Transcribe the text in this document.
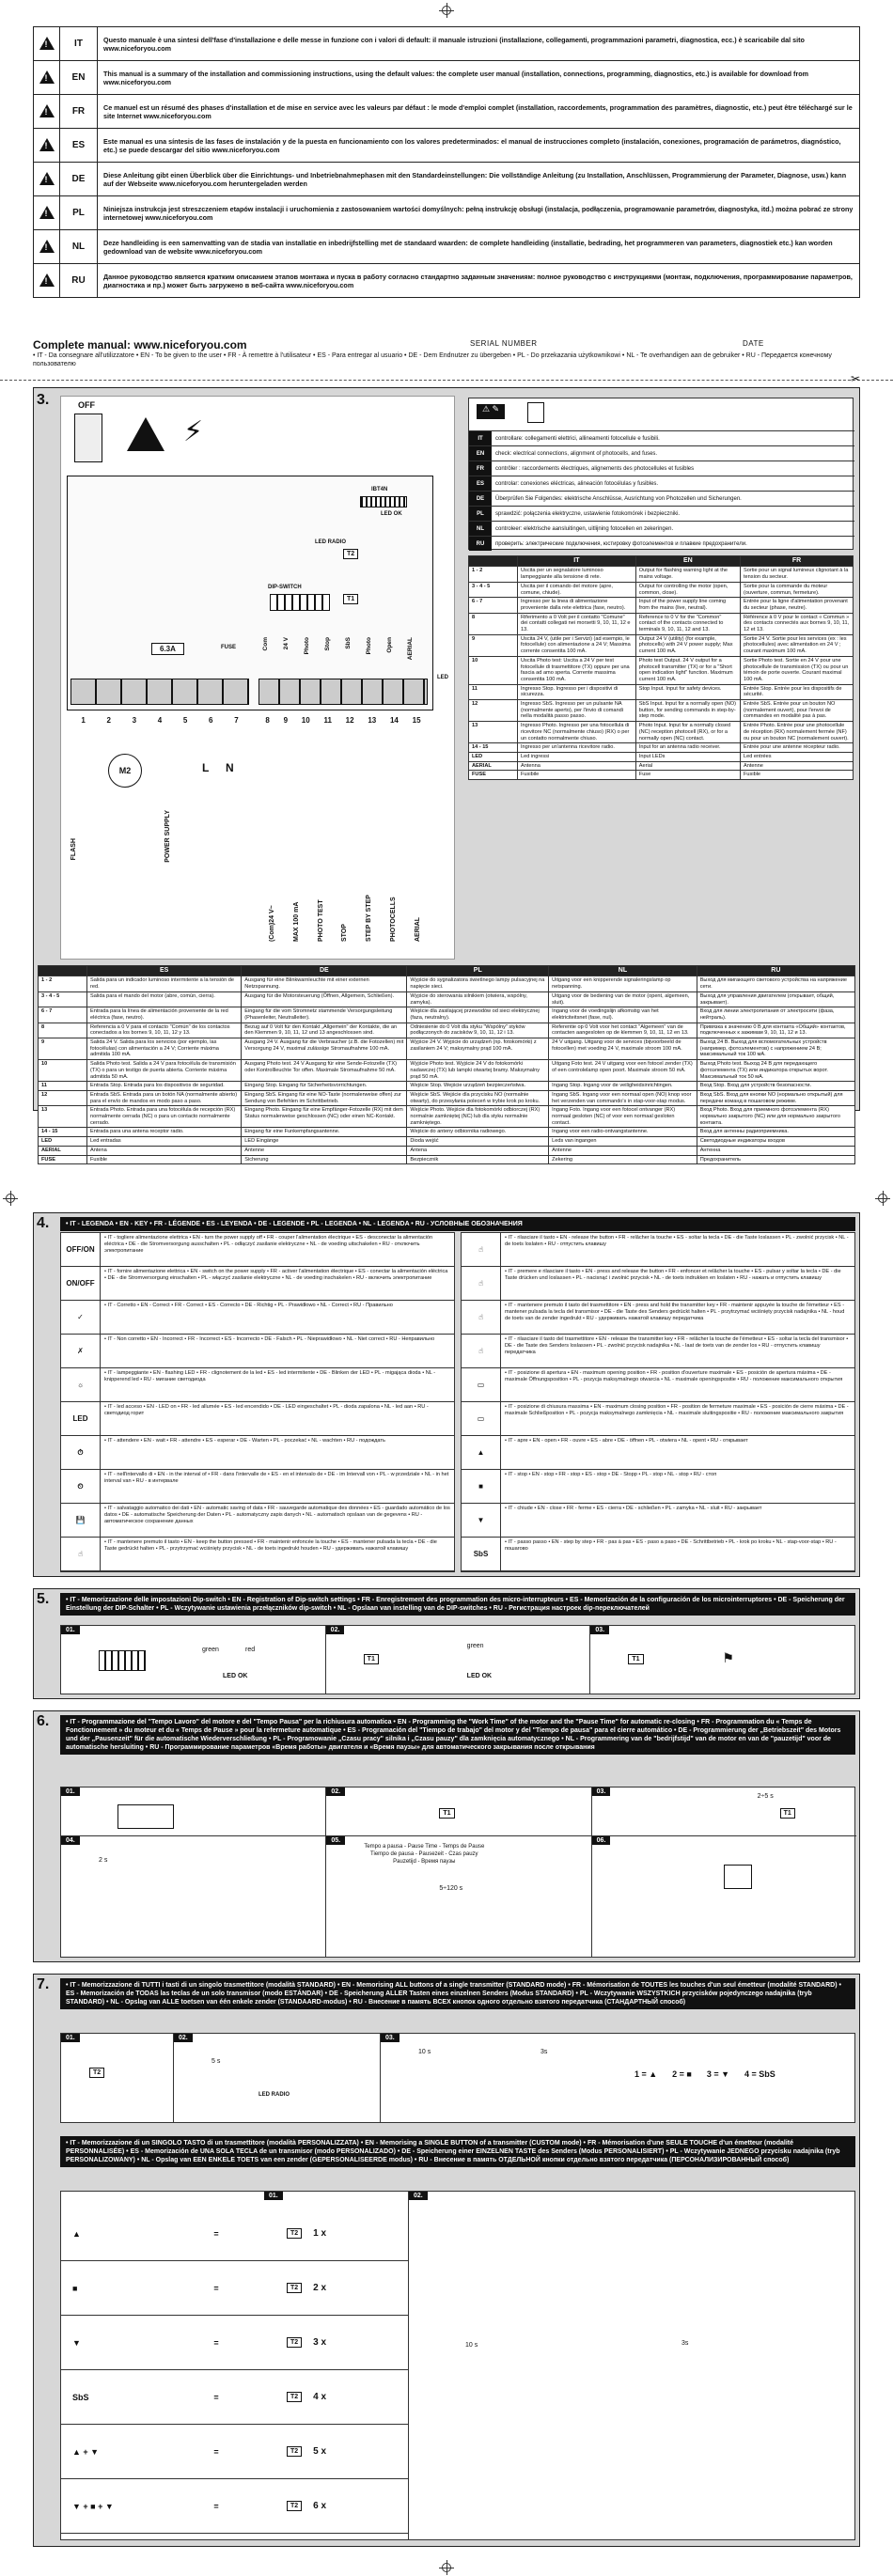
!	IT	Questo manuale è una sintesi dell'fase d'installazione e delle messe in funzione con i valori di default: il manuale istruzioni (installazione, collegamenti, programmazioni parametri, diagnostica, ecc.) è scaricabile dal sito www.niceforyou.com
!	EN	This manual is a summary of the installation and commissioning instructions, using the default values: the complete user manual (installation, connections, programming, diagnostics, etc.) is available for download from www.niceforyou.com
!	FR	Ce manuel est un résumé des phases d'installation et de mise en service avec les valeurs par défaut : le mode d'emploi complet (installation, raccordements, programmation des paramètres, diagnostic, etc.) peut être téléchargé sur le site Internet www.niceforyou.com
!	ES	Este manual es una síntesis de las fases de instalación y de la puesta en funcionamiento con los valores predeterminados: el manual de instrucciones completo (instalación, conexiones, programación de parámetros, diagnóstico, etc.) se puede descargar del sitio www.niceforyou.com
!	DE	Diese Anleitung gibt einen Überblick über die Einrichtungs- und Inbetriebnahmephasen mit den Standardeinstellungen: Die vollständige Anleitung (zu Installation, Anschlüssen, Programmierung der Parameter, Diagnose, usw.) kann auf der Webseite www.niceforyou.com heruntergeladen werden
!	PL	Niniejsza instrukcja jest streszczeniem etapów instalacji i uruchomienia z zastosowaniem wartości domyślnych: pełną instrukcję obsługi (instalacja, podłączenia, programowanie parametrów, diagnostyka, itd.) można pobrać ze strony internetowej www.niceforyou.com
!	NL	Deze handleiding is een samenvatting van de stadia van installatie en inbedrijfstelling met de standaard waarden: de complete handleiding (installatie, bedrading, het programmeren van parameters, diagnostiek etc.) kan worden gedownload van de website www.niceforyou.com
!	RU	Данное руководство является кратким описанием этапов монтажа и пуска в работу согласно стандартно заданным значениям: полное руководство с инструкциями (монтаж, подключения, программирование параметров, диагностика и пр.) может быть загружено в веб-сайта www.niceforyou.com
Complete manual: www.niceforyou.com	SERIAL NUMBER	DATE
• IT - Da consegnare all'utilizzatore • EN - To be given to the user • FR - À remettre à l'utilisateur • ES - Para entregar al usuario • DE - Dem Endnutzer zu übergeben • PL - Do przekazania użytkownikowi • NL - Te overhandigen aan de gebruiker • RU - Передается конечному пользователю
✂
3.	OFF
⚡
IBT4N
LED OK
LED RADIO
T2
DIP-SWITCH
T1
6.3A	FUSE
LED
1	2	3	4	5	6	7	8 9 10 11 12 13 14 15
M2
FLASH	POWER SUPPLY
L N
(Com)24 V~	MAX 100 mA	PHOTO TEST	STOP	STEP BY STEP	PHOTOCELLS	AERIAL
Com 24 V Photo Stop SbS Photo Open AERIAL
⚠ ✎
IT	controllare: collegamenti elettrici, allineamenti fotocellule e fusibili.
EN	check: electrical connections, alignment of photocells, and fuses.
FR	contrôler : raccordements électriques, alignements des photocellules et fusibles
ES	controlar: conexiones eléctricas, alineación fotocélulas y fusibles.
DE	Überprüfen Sie Folgendes: elektrische Anschlüsse, Ausrichtung von Photozellen und Sicherungen.
PL	sprawdzić: połączenia elektryczne, ustawienie fotokomórek i bezpieczniki.
NL	controleer: elektrische aansluitingen, uitlijning fotocellen en zekeringen.
RU	проверить: электрические подключения, юстировку фотоэлементов и плавкие предохранители.
	IT	EN	FR
1 - 2	Uscita per un segnalatore luminoso lampeggiante alla tensione di rete.	Output for flashing warning light at the mains voltage.	Sortie pour un signal lumineux clignotant à la tension du secteur.
3 - 4 - 5	Uscita per il comando del motore (apre, comune, chiude).	Output for controlling the motor (open, common, close).	Sortie pour la commande du moteur (ouverture, commun, fermeture).
6 - 7	Ingresso per la linea di alimentazione proveniente dalla rete elettrica (fase, neutro).	Input of the power supply line coming from the mains (live, neutral).	Entrée pour la ligne d'alimentation provenant du secteur (phase, neutre).
8	Riferimento a 0 Volt per il contatto "Comune" dei contatti collegati nei morsetti 9, 10, 11, 12 e 13.	Reference to 0 V for the "Common" contact of the contacts connected to terminals 9, 10, 11, 12 and 13.	Référence à 0 V pour le contact « Commun » des contacts connectés aux bornes 9, 10, 11, 12 et 13.
9	Uscita 24 V, (utile per i Servizi) (ad esempio, le fotocellule) con alimentazione a 24 V; Massima corrente consentita 100 mA.	Output 24 V (utility) (for example, photocells) with 24 V power supply; Max current 100 mA.	Sortie 24 V. Sortie pour les services (ex : les photocellules) avec alimentation en 24 V ; courant maximum 100 mA.
10	Uscita Photo test: Uscita a 24 V per test fotocellule di trasmettitore (TX) oppure per una fascia ad amo sperta. Corrente massima consentita 100 mA.	Photo test Output. 24 V output for a photocell transmitter (TX) or for a "Short open indication light" function. Maximum current 100 mA.	Sortie Photo test. Sortie en 24 V pour une photocellule de transmission (TX) ou pour un témoin de porte ouverte. Courant maximal 100 mA.
11	Ingresso Stop. Ingresso per i dispositivi di sicurezza.	Stop Input. Input for safety devices.	Entrée Stop. Entrée pour les dispositifs de sécurité.
12	Ingresso SbS. Ingresso per un pulsante NA (normalmente aperto), per l'invio di comandi nella modalità passo passo.	SbS Input. Input for a normally open (NO) button, for sending commands in step-by-step mode.	Entrée SbS. Entrée pour un bouton NO (normalement ouvert), pour l'envoi de commandes en modalité pas à pas.
13	Ingresso Photo. Ingresso per una fotocellula di ricevitore NC (normalmente chiuso) (RX) o per un contatto normalmente chiuso.	Photo Input. Input for a normally closed (NC) reception photocell (RX), or for a normally open (NC) contact.	Entrée Photo. Entrée pour une photocellule de réception (RX) normalement fermée (NF) ou pour un bouton NC (normalement ouvert).
14 - 15	Ingresso per un'antenna ricevitore radio.	Input for an antenna radio receiver.	Entrée pour une antenne récepteur radio.
LED	Led ingressi	Input LEDs	Led entrées
AERIAL	Antenna	Aerial	Antenne
FUSE	Fusibile	Fuse	Fusible
	ES	DE	PL	NL	RU
1 - 2	Salida para un indicador luminoso intermitente a la tensión de red.	Ausgang für eine Blinkwarnleuchte mit einer externen Netzspannung.	Wyjście do sygnalizatora świetlnego lampy pulsacyjnej na napięcie sieci.	Uitgang voor een knipperende signaleringslamp op netspanning.	Выход для мигающего светового устройства на напряжение сети.
3 - 4 - 5	Salida para el mando del motor (abre, común, cierra).	Ausgang für die Motorsteuerung (Öffnen, Allgemein, Schließen).	Wyjście do sterowania silnikiem (otwiera, wspólny, zamyka).	Uitgang voor de bediening van de motor (opent, algemeen, sluit).	Выход для управления двигателем (открывает, общий, закрывает).
6 - 7	Entrada para la línea de alimentación proveniente de la red eléctrica (fase, neutro).	Eingang für die vom Stromnetz stammende Versorgungsleitung (Phasenleiter, Neutralleiter).	Wejście dla zasilającej przewodów od sieci elektrycznej (faza, neutralny).	Ingang voor de voedingslijn afkomstig van het elektriciteitsnet (fase, nul).	Вход для линии электропитания от электросети (фаза, нейтраль).
8	Referencia a 0 V para el contacto "Común" de los contactos conectados a los bornes 9, 10, 11, 12 y 13.	Bezug auf 0 Volt für den Kontakt „Allgemein" der Kontakte, die an den Klemmen 9, 10, 11, 12 und 13 angeschlossen sind.	Odniesienie do 0 Volt dla styku "Wspólny" styków podłączonych do zacisków 9, 10, 11, 12 i 13.	Referentie op 0 Volt voor het contact "Algemeen" van de contacten aangesloten op de klemmen 9, 10, 11, 12 en 13.	Привязка к значению 0 В для контакта «Общий» контактов, подключенных к зажимам 9, 10, 11, 12 и 13.
9	Salida 24 V. Salida para los servicios (por ejemplo, las fotocélulas) con alimentación a 24 V; Corriente máxima admitida 100 mA.	Ausgang 24 V. Ausgang für die Verbraucher (z.B. die Fotozellen) mit Versorgung 24 V, maximal zulässige Stromaufnahme 100 mA.	Wyjście 24 V. Wyjście do urządzeń (np. fotokomórki) z zasilaniem 24 V; maksymalny prąd 100 mA.	24 V uitgang. Uitgang voor de services (bijvoorbeeld de fotocellen) met voeding 24 V, maximale stroom 100 mA.	Выход 24 В. Выход для вспомогательных устройств (например, фотоэлементов) с напряжением 24 В; максимальный ток 100 мА.
10	Salida Photo test. Salida a 24 V para fotocélula de transmisión (TX) o para un testigo de puerta abierta. Corriente máxima admitida 50 mA.	Ausgang Photo test. 24 V Ausgang für eine Sende-Fotozelle (TX) oder Kontrollleuchte Tor offen. Maximale Stromaufnahme 50 mA.	Wyjście Photo test. Wyjście 24 V do fotokomórki nadawczej (TX) lub lampki otwartej bramy. Maksymalny prąd 50 mA.	Uitgang Foto test. 24 V uitgang voor een fotocel zender (TX) of een controlelamp open poort. Maximale stroom 50 mA.	Выход Photo test. Выход 24 В для передающего фотоэлемента (TX) или индикатора открытых ворот. Максимальный ток 50 мА.
11	Entrada Stop. Entrada para los dispositivos de seguridad.	Eingang Stop. Eingang für Sicherheitsvorrichtungen.	Wejście Stop. Wejście urządzeń bezpieczeństwa.	Ingang Stop. Ingang voor de veiligheidsinrichtingen.	Вход Stop. Вход для устройств безопасности.
12	Entrada SbS. Entrada para un botón NA (normalmente abierto) para el envío de mandos en modo paso a paso.	Eingang SbS. Eingang für eine NO-Taste (normalerweise offen) zur Sendung von Befehlen im Schrittbetrieb.	Wejście SbS. Wejście dla przycisku NO (normalnie otwarty), do przesyłania poleceń w trybie krok po kroku.	Ingang SbS. Ingang voor een normaal open (NO) knop voor het verzenden van commando's in stap-voor-stap modus.	Вход SbS. Вход для кнопки NO (нормально открытый) для передачи команд в пошаговом режиме.
13	Entrada Photo. Entrada para una fotocélula de recepción (RX) normalmente cerrada (NC) o para un contacto normalmente cerrado.	Eingang Photo. Eingang für eine Empfänger-Fotozelle (RX) mit dem Status normalerweise geschlossen (NC) oder einen NC-Kontakt.	Wejście Photo. Wejście dla fotokomórki odbiorczej (RX) normalnie zamkniętej (NC) lub dla styku normalnie zamkniętego.	Ingang Foto. Ingang voor een fotocel ontvanger (RX) normaal gesloten (NC) of voor een normaal gesloten contact.	Вход Photo. Вход для приемного фотоэлемента (RX) нормально закрытого (NC) или для нормально закрытого контакта.
14 - 15	Entrada para una antena receptor radio.	Eingang für eine Funkempfangsantenne.	Wejście do anteny odbiornika radiowego.	Ingang voor een radio-ontvangstantenne.	Вход для антенны радиоприемника.
LED	Led entradas	LED Eingänge	Dioda wejść	Leds van ingangen	Светодиодные индикаторы входов
AERIAL	Antena	Antenne	Antena	Antenne	Антенна
FUSE	Fusible	Sicherung	Bezpiecznik	Zekering	Предохранитель
4.	• IT - LEGENDA • EN - KEY • FR - LÉGENDE • ES - LEYENDA • DE - LEGENDE • PL - LEGENDA • NL - LEGENDA • RU - УСЛОВНЫЕ ОБОЗНАЧЕНИЯ
OFF/ON
• IT - togliere alimentazione elettrica • EN - turn the power supply off • FR - couper l'alimentation électrique • ES - desconectar la alimentación eléctrica • DE - die Stromversorgung ausschalten • PL - odłączyć zasilanie elektryczne • NL - de voeding uitschakelen • RU - отключить электропитание
ON/OFF
• IT - fornire alimentazione elettrica • EN - switch on the power supply • FR - activer l'alimentation électrique • ES - conectar la alimentación eléctrica • DE - die Stromversorgung einschalten • PL - włączyć zasilanie elektryczne • NL - de voeding inschakelen • RU - включить электропитание
✓
• IT - Corretto • EN - Correct • FR - Correct • ES - Correcto • DE - Richtig • PL - Prawidłowo • NL - Correct • RU - Правильно
✗
• IT - Non corretto • EN - Incorrect • FR - Incorrect • ES - Incorrecto • DE - Falsch • PL - Nieprawidłowo • NL - Niet correct • RU - Неправильно
☼
• IT - lampeggiante • EN - flashing LED • FR - clignotement de la led • ES - led intermitente • DE - Blinken der LED • PL - migająca dioda • NL - knipperend led • RU - мигание светодиода
LED
• IT - led acceso • EN - LED on • FR - led allumée • ES - led encendido • DE - LED eingeschaltet • PL - dioda zapalona • NL - led aan • RU - светодиод горит
⏱
• IT - attendere • EN - wait • FR - attendre • ES - esperar • DE - Warten • PL - poczekać • NL - wachten • RU - подождать
⏲
• IT - nell'intervallo di • EN - in the interval of • FR - dans l'intervalle de • ES - en el intervalo de • DE - im Intervall von • PL - w przedziale • NL - in het interval van • RU - в интервале
💾
• IT - salvataggio automatico dei dati • EN - automatic saving of data • FR - sauvegarde automatique des données • ES - guardado automático de los datos • DE - automatische Speicherung der Daten • PL - automatyczny zapis danych • NL - automatisch opslaan van de gegevens • RU - автоматическое сохранение данных
☝
• IT - mantenere premuto il tasto • EN - keep the button pressed • FR - maintenir enfoncée la touche • ES - mantener pulsada la tecla • DE - die Taste gedrückt halten • PL - przytrzymać wciśnięty przycisk • NL - de toets ingedrukt houden • RU - удерживать нажатой клавишу
☝
• IT - rilasciare il tasto • EN - release the button • FR - relâcher la touche • ES - soltar la tecla • DE - die Taste loslassen • PL - zwolnić przycisk • NL - de toets loslaten • RU - отпустить клавишу
☝
• IT - premere e rilasciare il tasto • EN - press and release the button • FR - enfoncer et relâcher la touche • ES - pulsar y soltar la tecla • DE - die Taste drücken und loslassen • PL - nacisnąć i zwolnić przycisk • NL - de toets indrukken en loslaten • RU - нажать и отпустить клавишу
☝
• IT - mantenere premuto il tasto del trasmettitore • EN - press and hold the transmitter key • FR - maintenir appuyée la touche de l'émetteur • ES - mantener pulsada la tecla del transmisor • DE - die Taste des Senders gedrückt halten • PL - przytrzymać wciśnięty przycisk nadajnika • NL - houd de toets van de zender ingedrukt • RU - удерживать нажатой клавишу передатчика
☝
• IT - rilasciare il tasto del trasmettitore • EN - release the transmitter key • FR - relâcher la touche de l'émetteur • ES - soltar la tecla del transmisor • DE - die Taste des Senders loslassen • PL - zwolnić przycisk nadajnika • NL - laat de toets van de zender los • RU - отпустить клавишу передатчика
▭
• IT - posizione di apertura • EN - maximum opening position • FR - position d'ouverture maximale • ES - posición de apertura máxima • DE - maximale Öffnungsposition • PL - pozycja maksymalnego otwarcia • NL - maximale openingspositie • RU - положение максимального открытия
▭
• IT - posizione di chiusura massima • EN - maximum closing position • FR - position de fermeture maximale • ES - posición de cierre máxima • DE - maximale Schließposition • PL - pozycja maksymalnego zamknięcia • NL - maximale sluitingspositie • RU - положение максимального закрытия
▲
• IT - apre • EN - open • FR - ouvre • ES - abre • DE - öffnen • PL - otwiera • NL - opent • RU - открывает
■
• IT - stop • EN - stop • FR - stop • ES - stop • DE - Stopp • PL - stop • NL - stop • RU - стоп
▼
• IT - chiude • EN - close • FR - ferme • ES - cierra • DE - schließen • PL - zamyka • NL - sluit • RU - закрывает
SbS
• IT - passo passo • EN - step by step • FR - pas à pas • ES - paso a paso • DE - Schrittbetrieb • PL - krok po kroku • NL - stap-voor-stap • RU - пошагово
5.	• IT - Memorizzazione delle impostazioni Dip-switch • EN - Registration of Dip-switch settings • FR - Enregistrement des programmation des micro-interrupteurs • ES - Memorización de la configuración de los microinterruptores • DE - Speicherung der Einstellung der DIP-Schalter • PL - Wczytywanie ustawienia przełączników dip-switch • NL - Opslaan van instelling van de DIP-switches • RU - Регистрация настроек dip-переключателей
01.
green	red
LED OK
02.
T1
green
LED OK
03.
T1	⚑
6.	• IT - Programmazione del "Tempo Lavoro" del motore e del "Tempo Pausa" per la richiusura automatica • EN - Programming the "Work Time" of the motor and the "Pause Time" for automatic re-closing • FR - Programmation du « Temps de Fonctionnement » du moteur et du « Temps de Pause » pour la refermeture automatique • ES - Programación del "Tiempo de trabajo" del motor y del "Tiempo de pausa" para el cierre automático • DE - Programmierung der „Betriebszeit" des Motors und der „Pausenzeit" für die automatische Wiederverschließung • PL - Programowanie „Czasu pracy" silnika i „Czasu pauzy" dla zamknięcia automatycznego • NL - Programmering van de "bedrijfstijd" van de motor en van de "pauzetijd" voor de automatische hersluiting • RU - Программирование параметров «Время работы» двигателя и «Время паузы» для автоматического закрывания после открывания
01.	02.
T1
03.
2÷5 s
T1
04.
2 s
05.
Tempo a pausa - Pause Time - Temps de Pause
Tiempo de pausa - Pausezeit - Czas pauzy
Pauzetijd - Время паузы
5÷120 s
06.
7.	• IT - Memorizzazione di TUTTI i tasti di un singolo trasmettitore (modalità STANDARD) • EN - Memorising ALL buttons of a single transmitter (STANDARD mode) • FR - Mémorisation de TOUTES les touches d'un seul émetteur (modalité STANDARD) • ES - Memorización de TODAS las teclas de un solo transmisor (modo ESTÁNDAR) • DE - Speicherung ALLER Tasten eines einzelnen Senders (Modus STANDARD) • PL - Wczytywanie WSZYSTKICH przycisków pojedynczego nadajnika (tryb STANDARD) • NL - Opslag van ALLE toetsen van één enkele zender (STANDAARD-modus) • RU - Внесение в память ВСЕХ кнопок одного отдельно взятого передатчика (СТАНДАРТНЫЙ способ)
01.
T2
02.
LED RADIO
5 s
03.
10 s	3s
1 = ▲ 2 = ■ 3 = ▼ 4 = SbS
• IT - Memorizzazione di un SINGOLO TASTO di un trasmettitore (modalità PERSONALIZZATA) • EN - Memorising a SINGLE BUTTON of a transmitter (CUSTOM mode) • FR - Mémorisation d'une SEULE TOUCHE d'un émetteur (modalité PERSONNALISÉE) • ES - Memorización de UNA SOLA TECLA de un transmisor (modo PERSONALIZADO) • DE - Speicherung einer EINZELNEN TASTE des Senders (Modus PERSONALISIERT) • PL - Wczytywanie JEDNEGO przycisku nadajnika (tryb PERSONALIZOWANY) • NL - Opslag van EEN ENKELE TOETS van een zender (GEPERSONALISEERDE modus) • RU - Внесение в память ОТДЕЛЬНОЙ кнопки отдельно взятого передатчика (ПЕРСОНАЛИЗИРОВАННЫЙ способ)
01.
▲	=	T2	1 x
■	=	T2	2 x
▼	=	T2	3 x
SbS	=	T2	4 x
▲ + ▼	=	T2	5 x
▼ + ■ + ▼	=	T2	6 x
02.
10 s	3s
